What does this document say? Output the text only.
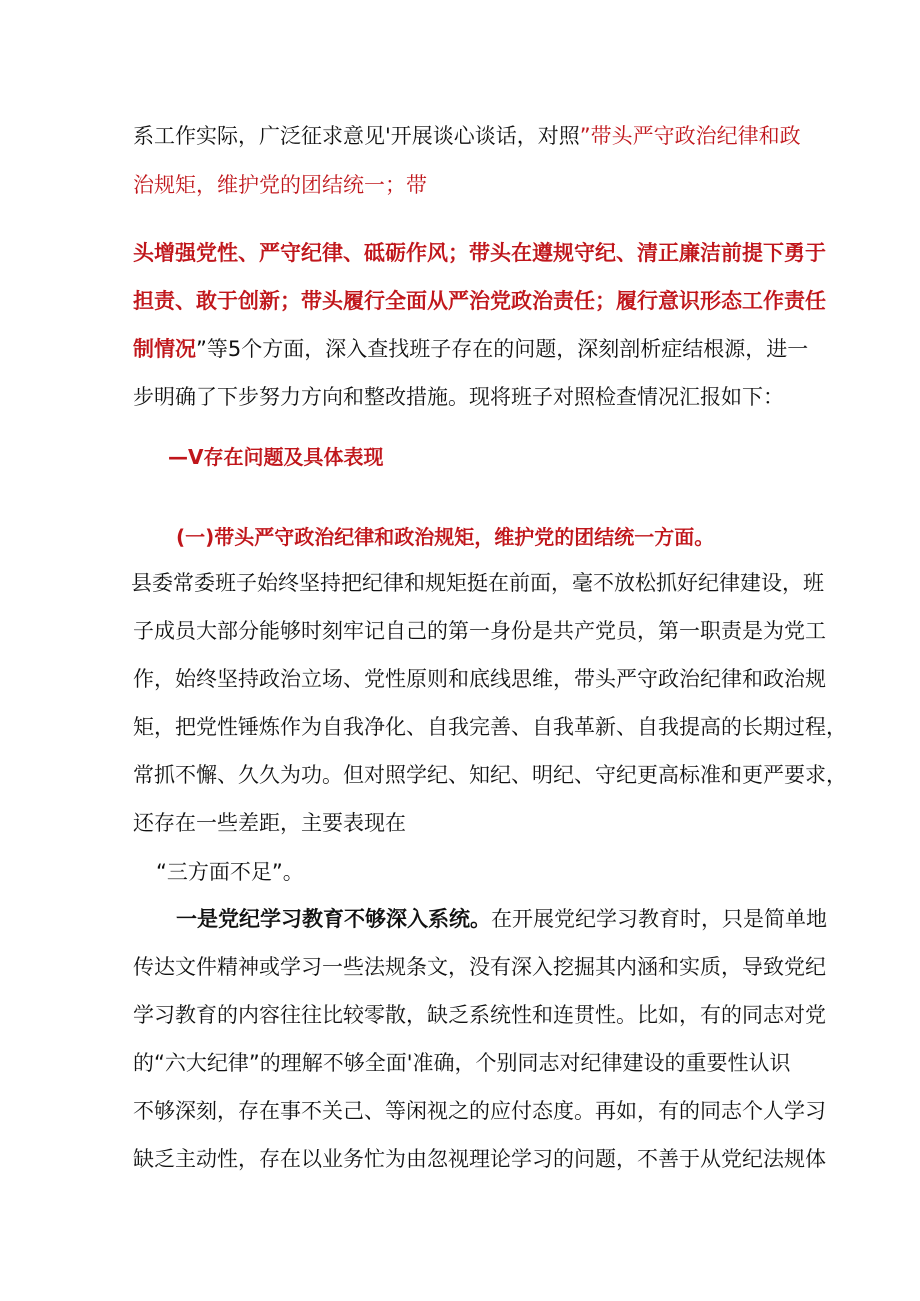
系工作实际，广泛征求意见'开展谈心谈话，对照”带头严守政治纪律和政
治规矩，维护党的团结统一；带
头增强党性、严守纪律、砥砺作风；带头在遵规守纪、清正廉洁前提下勇于
担责、敢于创新；带头履行全面从严治党政治责任；履行意识形态工作责任
制情况”等5个方面，深入查找班子存在的问题，深刻剖析症结根源，进一
步明确了下步努力方向和整改措施。现将班子对照检查情况汇报如下：
—V存在问题及具体表现
(一)带头严守政治纪律和政治规矩，维护党的团结统一方面。
县委常委班子始终坚持把纪律和规矩挺在前面，毫不放松抓好纪律建设，班
子成员大部分能够时刻牢记自己的第一身份是共产党员，第一职责是为党工
作，始终坚持政治立场、党性原则和底线思维，带头严守政治纪律和政治规
矩，把党性锤炼作为自我净化、自我完善、自我革新、自我提高的长期过程，
常抓不懈、久久为功。但对照学纪、知纪、明纪、守纪更高标准和更严要求，
还存在一些差距，主要表现在
“三方面不足”。
一是党纪学习教育不够深入系统。在开展党纪学习教育时，只是简单地
传达文件精神或学习一些法规条文，没有深入挖掘其内涵和实质，导致党纪
学习教育的内容往往比较零散，缺乏系统性和连贯性。比如，有的同志对党
的“六大纪律”的理解不够全面'准确，个别同志对纪律建设的重要性认识
不够深刻，存在事不关己、等闲视之的应付态度。再如，有的同志个人学习
缺乏主动性，存在以业务忙为由忽视理论学习的问题，不善于从党纪法规体
